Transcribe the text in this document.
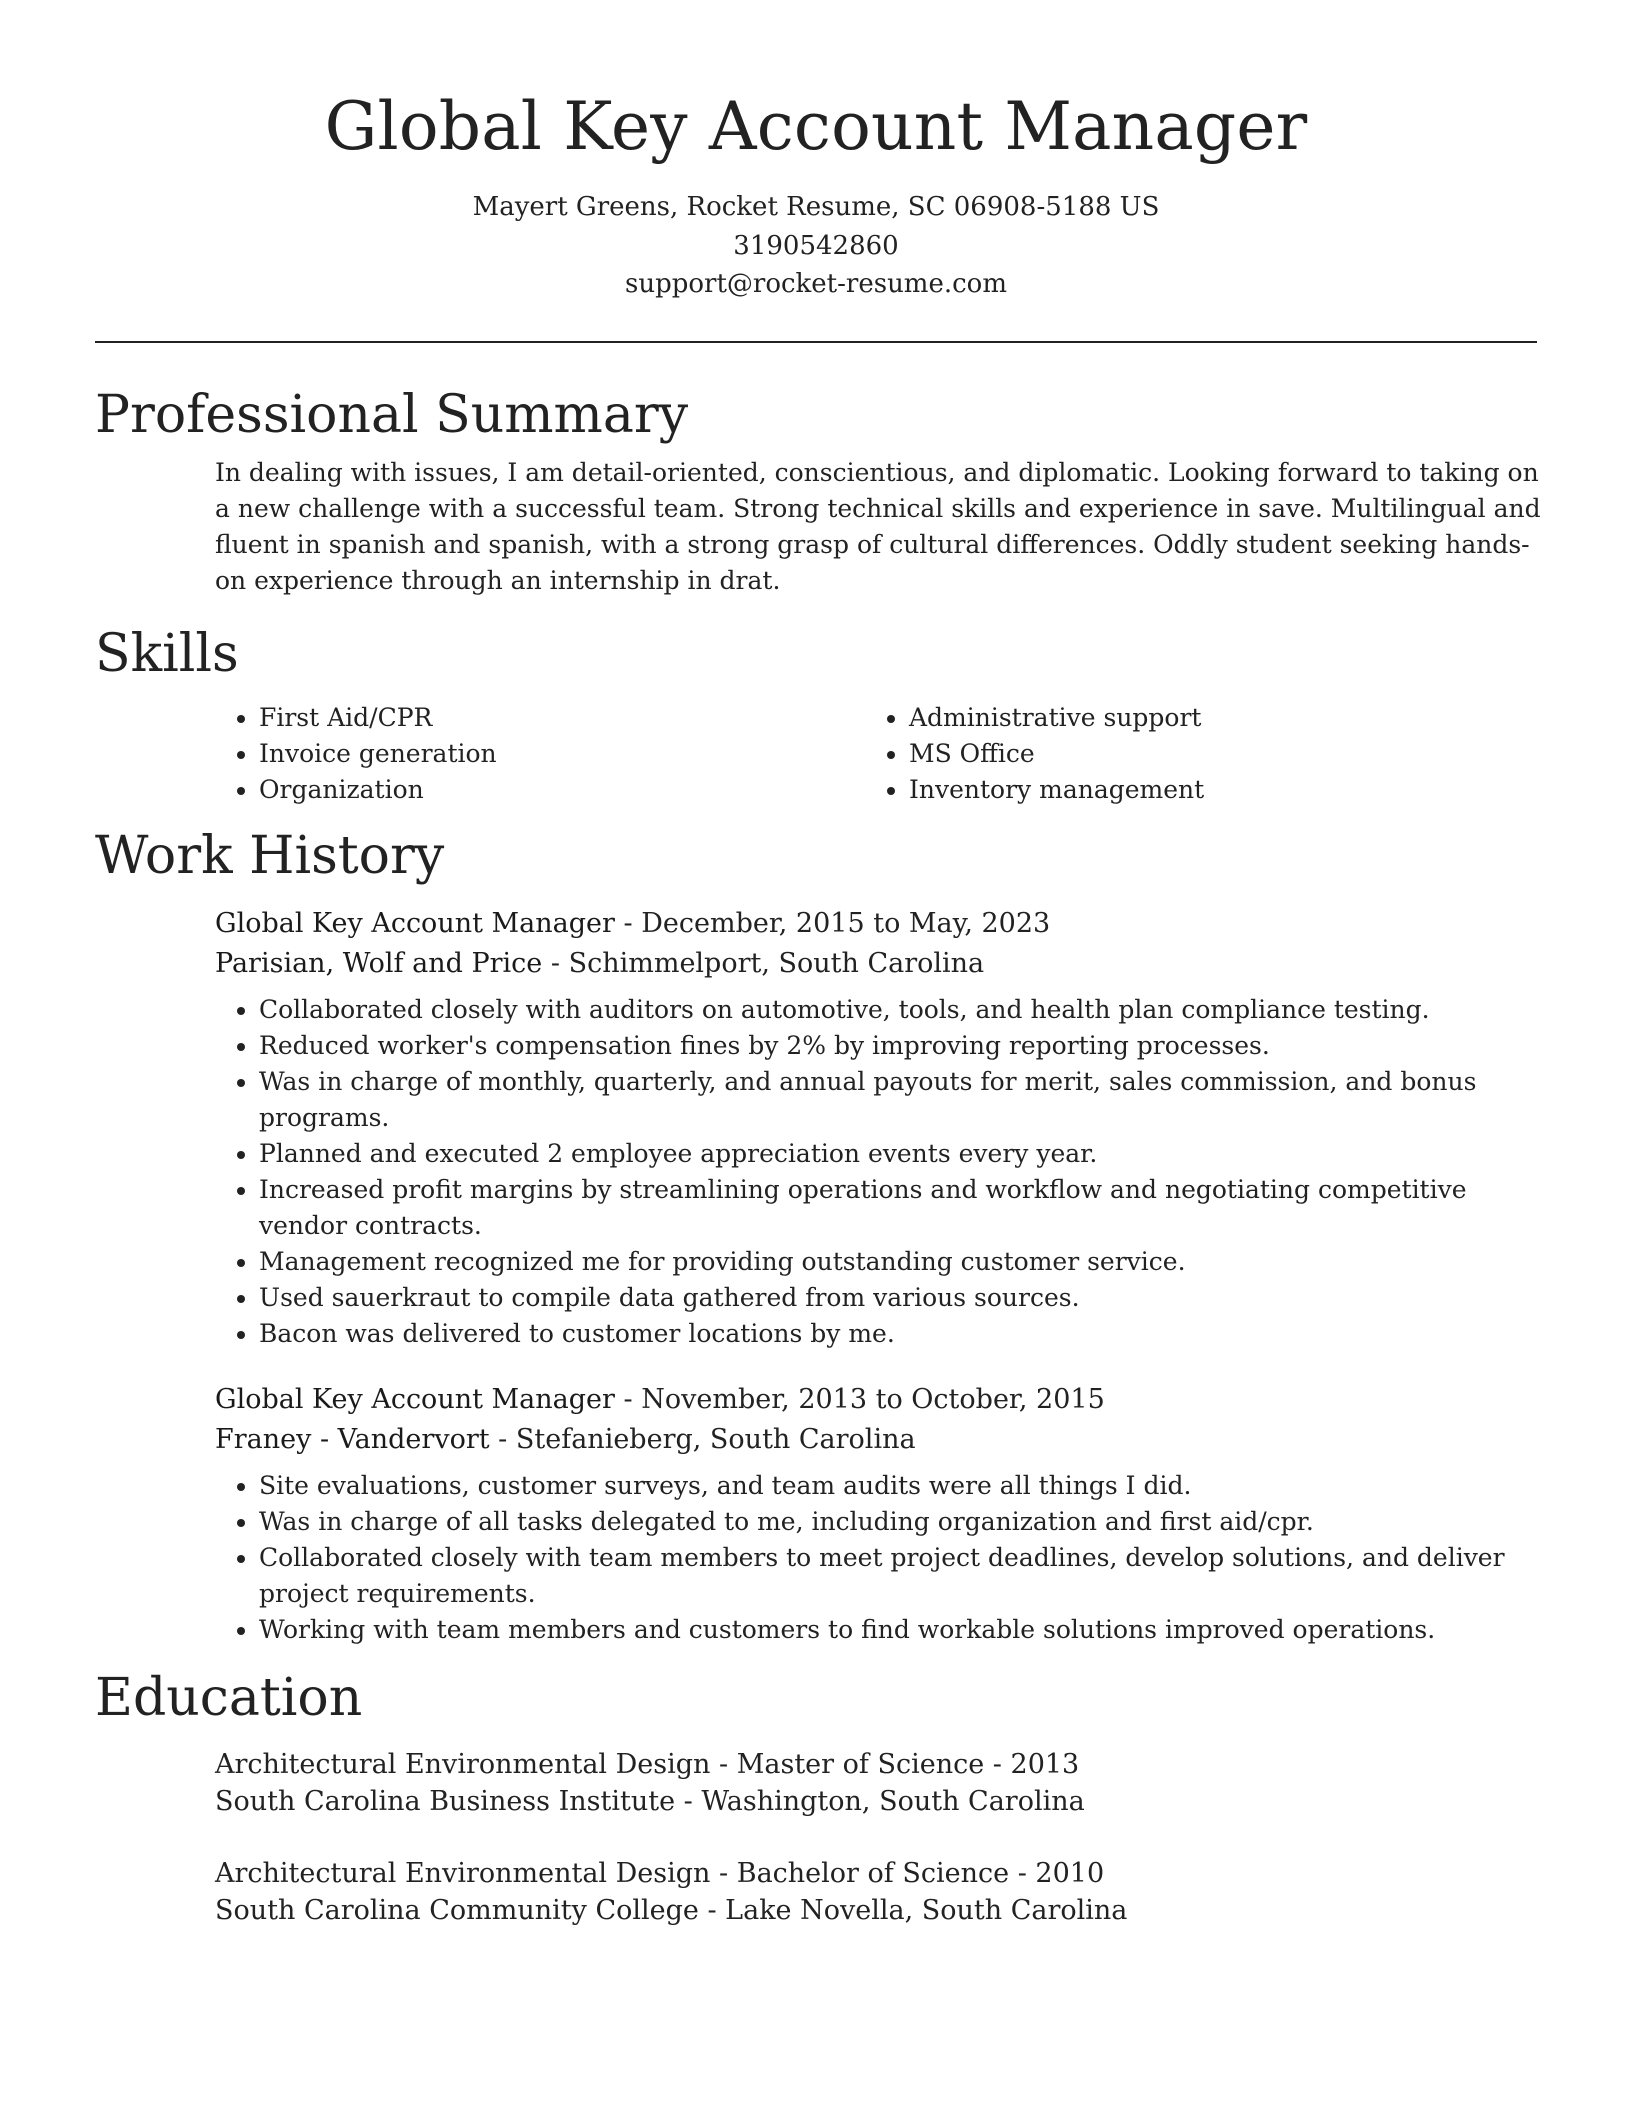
Global Key Account Manager
Mayert Greens, Rocket Resume, SC 06908-5188 US
3190542860
support@rocket-resume.com
Professional Summary

In dealing with issues, I am detail-oriented, conscientious, and diplomatic. Looking forward to taking on a new challenge with a successful team. Strong technical skills and experience in save. Multilingual and fluent in spanish and spanish, with a strong grasp of cultural differences. Oddly student seeking hands-on experience through an internship in drat.

Skills
• First Aid/CPR
• Invoice generation
• Organization
• Administrative support
• MS Office
• Inventory management
Work History
Global Key Account Manager - December, 2015 to May, 2023
Parisian, Wolf and Price - Schimmelport, South Carolina
• Collaborated closely with auditors on automotive, tools, and health plan compliance testing.
• Reduced worker's compensation fines by 2% by improving reporting processes.
• Was in charge of monthly, quarterly, and annual payouts for merit, sales commission, and bonus programs.
• Planned and executed 2 employee appreciation events every year.
• Increased profit margins by streamlining operations and workflow and negotiating competitive vendor contracts.
• Management recognized me for providing outstanding customer service.
• Used sauerkraut to compile data gathered from various sources.
• Bacon was delivered to customer locations by me.
Global Key Account Manager - November, 2013 to October, 2015
Franey - Vandervort - Stefanieberg, South Carolina
• Site evaluations, customer surveys, and team audits were all things I did.
• Was in charge of all tasks delegated to me, including organization and first aid/cpr.
• Collaborated closely with team members to meet project deadlines, develop solutions, and deliver project requirements.
• Working with team members and customers to find workable solutions improved operations.
Education
Architectural Environmental Design - Master of Science - 2013
South Carolina Business Institute - Washington, South Carolina
Architectural Environmental Design - Bachelor of Science - 2010
South Carolina Community College - Lake Novella, South Carolina
